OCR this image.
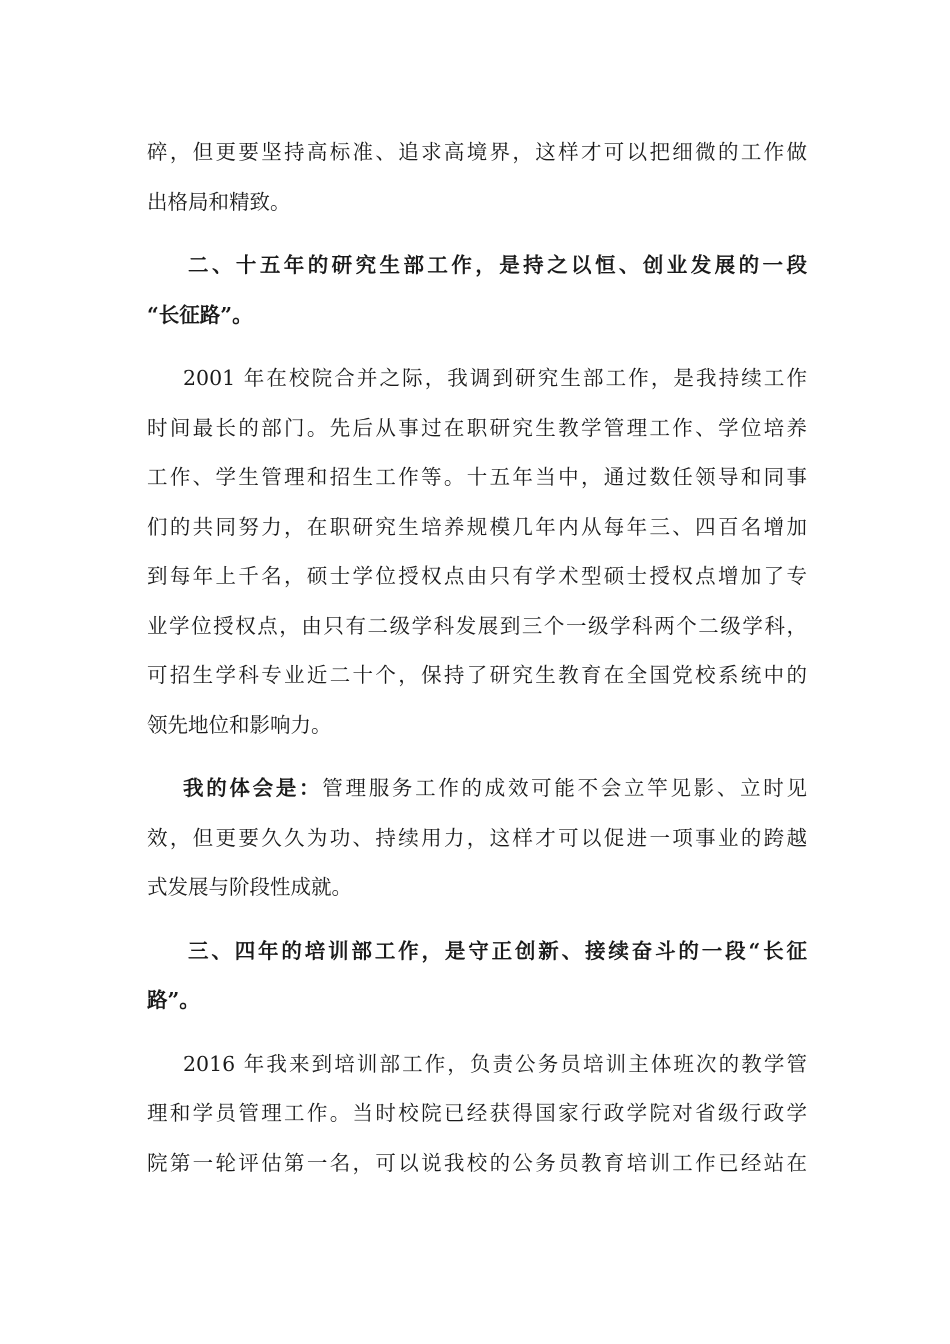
碎，但更要坚持高标准、追求高境界，这样才可以把细微的工作做
出格局和精致。

二、十五年的研究生部工作，是持之以恒、创业发展的一段
“长征路”。

2001 年在校院合并之际，我调到研究生部工作，是我持续工作
时间最长的部门。先后从事过在职研究生教学管理工作、学位培养
工作、学生管理和招生工作等。十五年当中，通过数任领导和同事
们的共同努力，在职研究生培养规模几年内从每年三、四百名增加
到每年上千名，硕士学位授权点由只有学术型硕士授权点增加了专
业学位授权点，由只有二级学科发展到三个一级学科两个二级学科，
可招生学科专业近二十个，保持了研究生教育在全国党校系统中的
领先地位和影响力。

我的体会是：管理服务工作的成效可能不会立竿见影、立时见
效，但更要久久为功、持续用力，这样才可以促进一项事业的跨越
式发展与阶段性成就。

三、四年的培训部工作，是守正创新、接续奋斗的一段“长征
路”。

2016 年我来到培训部工作，负责公务员培训主体班次的教学管
理和学员管理工作。当时校院已经获得国家行政学院对省级行政学
院第一轮评估第一名，可以说我校的公务员教育培训工作已经站在
